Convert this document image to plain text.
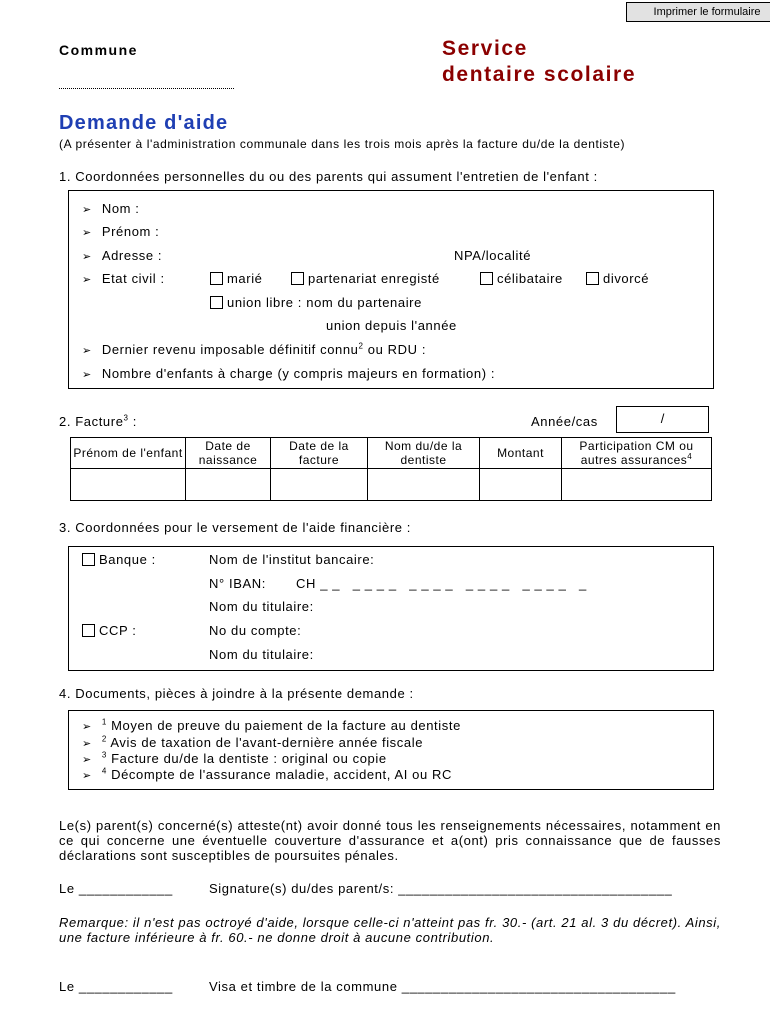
Imprimer le formulaire
Commune	Service
dentaire scolaire
Demande d'aide
(A présenter à l'administration communale dans les trois mois après la facture du/de la dentiste)
1. Coordonnées personnelles du ou des parents qui assument l'entretien de l'enfant :
➢ Nom :
➢ Prénom :
➢ Adresse :	NPA/localité
➢ Etat civil :	marié	partenariat enregisté	célibataire	divorcé
union libre : nom du partenaire
union depuis l'année
➢ Dernier revenu imposable définitif connu$^2$ ou RDU :
➢ Nombre d'enfants à charge (y compris majeurs en formation) :
2. Facture$^3$ :	Année/cas	/
Prénom de l'enfant	Date de naissance	Date de la facture	Nom du/de la dentiste	Montant	Participation CM ou autres assurances$^4$

3. Coordonnées pour le versement de l'aide financière :
Banque :	Nom de l'institut bancaire:
N° IBAN: CH _ _   _ _ _ _   _ _ _ _   _ _ _ _   _ _ _ _   _
Nom du titulaire:
CCP :	No du compte:
Nom du titulaire:
4. Documents, pièces à joindre à la présente demande :
➢ $^1$ Moyen de preuve du paiement de la facture au dentiste
➢ $^2$ Avis de taxation de l'avant-dernière année fiscale
➢ $^3$ Facture du/de la dentiste : original ou copie
➢ $^4$ Décompte de l'assurance maladie, accident, AI ou RC
Le(s) parent(s) concerné(s) atteste(nt) avoir donné tous les renseignements nécessaires, notamment en ce qui concerne une éventuelle couverture d'assurance et a(ont) pris connaissance que de fausses déclarations sont susceptibles de poursuites pénales.
Le ____________	Signature(s) du/des parent/s: ___________________________________
Remarque: il n'est pas octroyé d'aide, lorsque celle-ci n'atteint pas fr. 30.- (art. 21 al. 3 du décret). Ainsi, une facture inférieure à fr. 60.- ne donne droit à aucune contribution.
Le ____________	Visa et timbre de la commune ___________________________________
